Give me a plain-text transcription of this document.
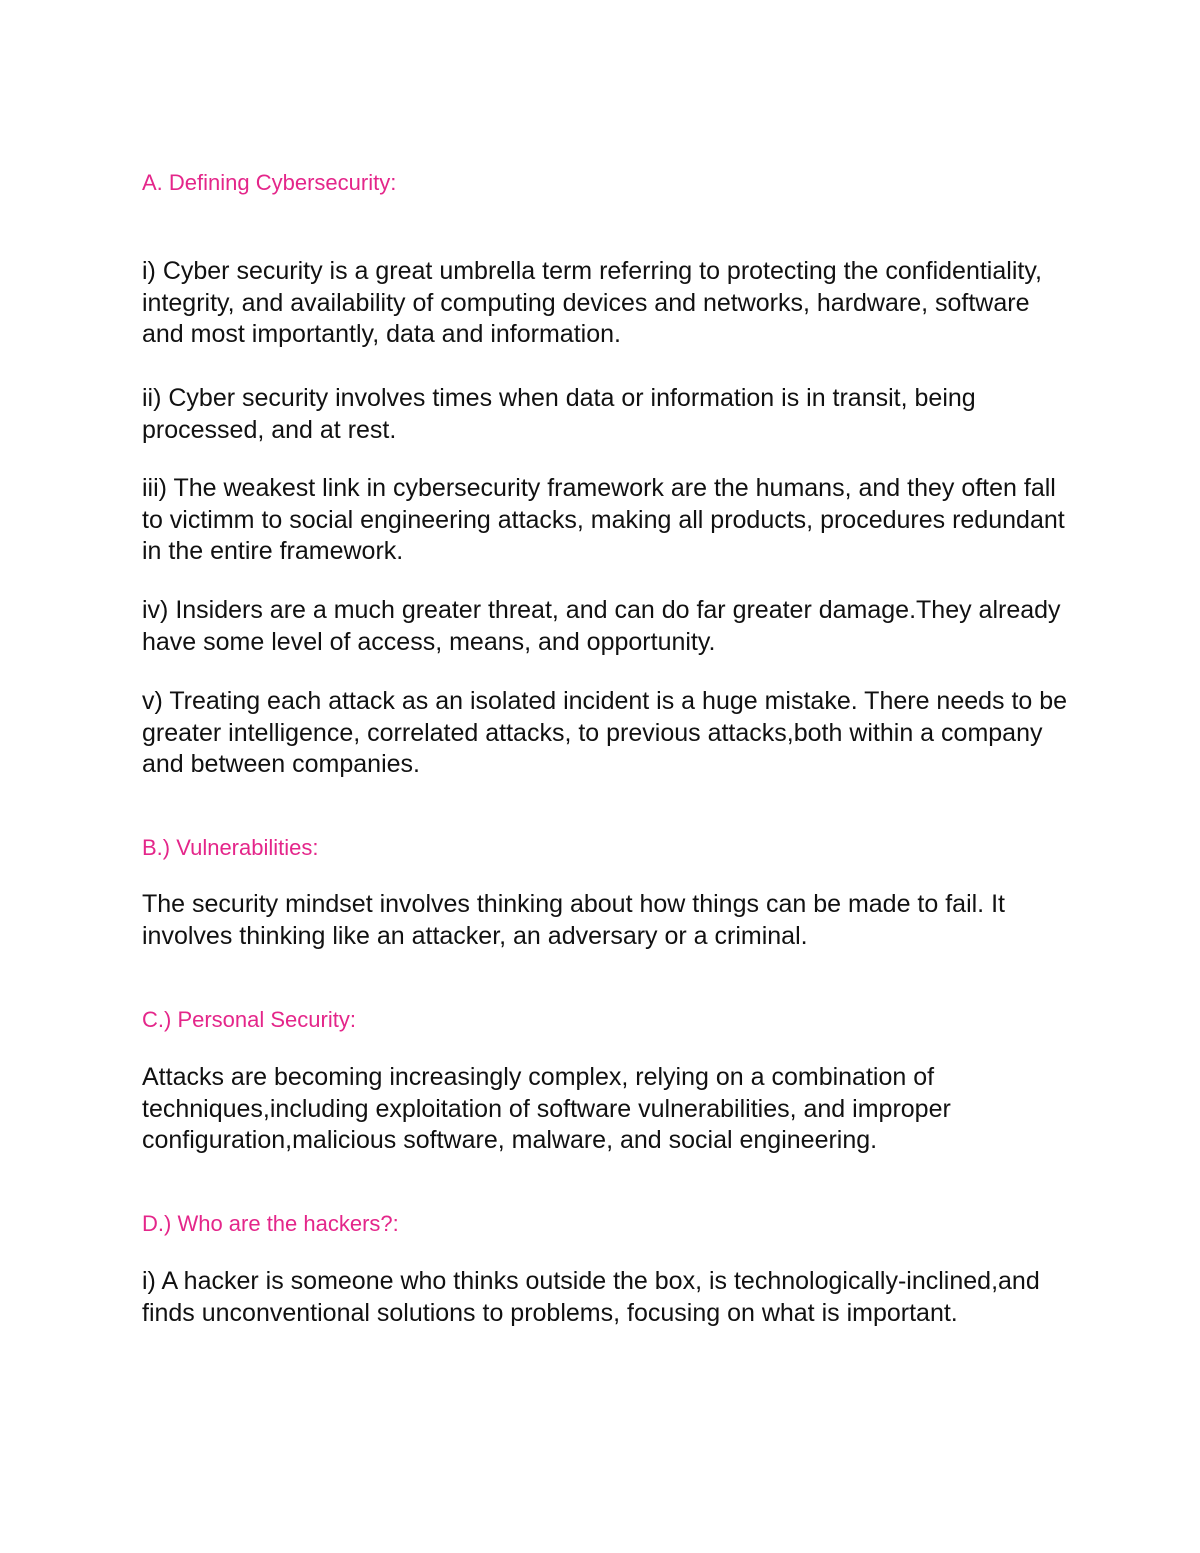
A. Defining Cybersecurity:

i) Cyber security is a great umbrella term referring to protecting the confidentiality, integrity, and availability of computing devices and networks, hardware, software and most importantly, data and information.

ii) Cyber security involves times when data or information is in transit, being processed, and at rest.

iii) The weakest link in cybersecurity framework are the humans, and they often fall to victimm to social engineering attacks, making all products, procedures redundant in the entire framework.

iv) Insiders are a much greater threat, and can do far greater damage.They already have some level of access, means, and opportunity.

v) Treating each attack as an isolated incident is a huge mistake. There needs to be greater intelligence, correlated attacks, to previous attacks,both within a company and between companies.

B.) Vulnerabilities:

The security mindset involves thinking about how things can be made to fail. It involves thinking like an attacker, an adversary or a criminal.

C.) Personal Security:

Attacks are becoming increasingly complex, relying on a combination of techniques,including exploitation of software vulnerabilities, and improper configuration,malicious software, malware, and social engineering.

D.) Who are the hackers?:

i) A hacker is someone who thinks outside the box, is technologically-inclined,and finds unconventional solutions to problems, focusing on what is important.
